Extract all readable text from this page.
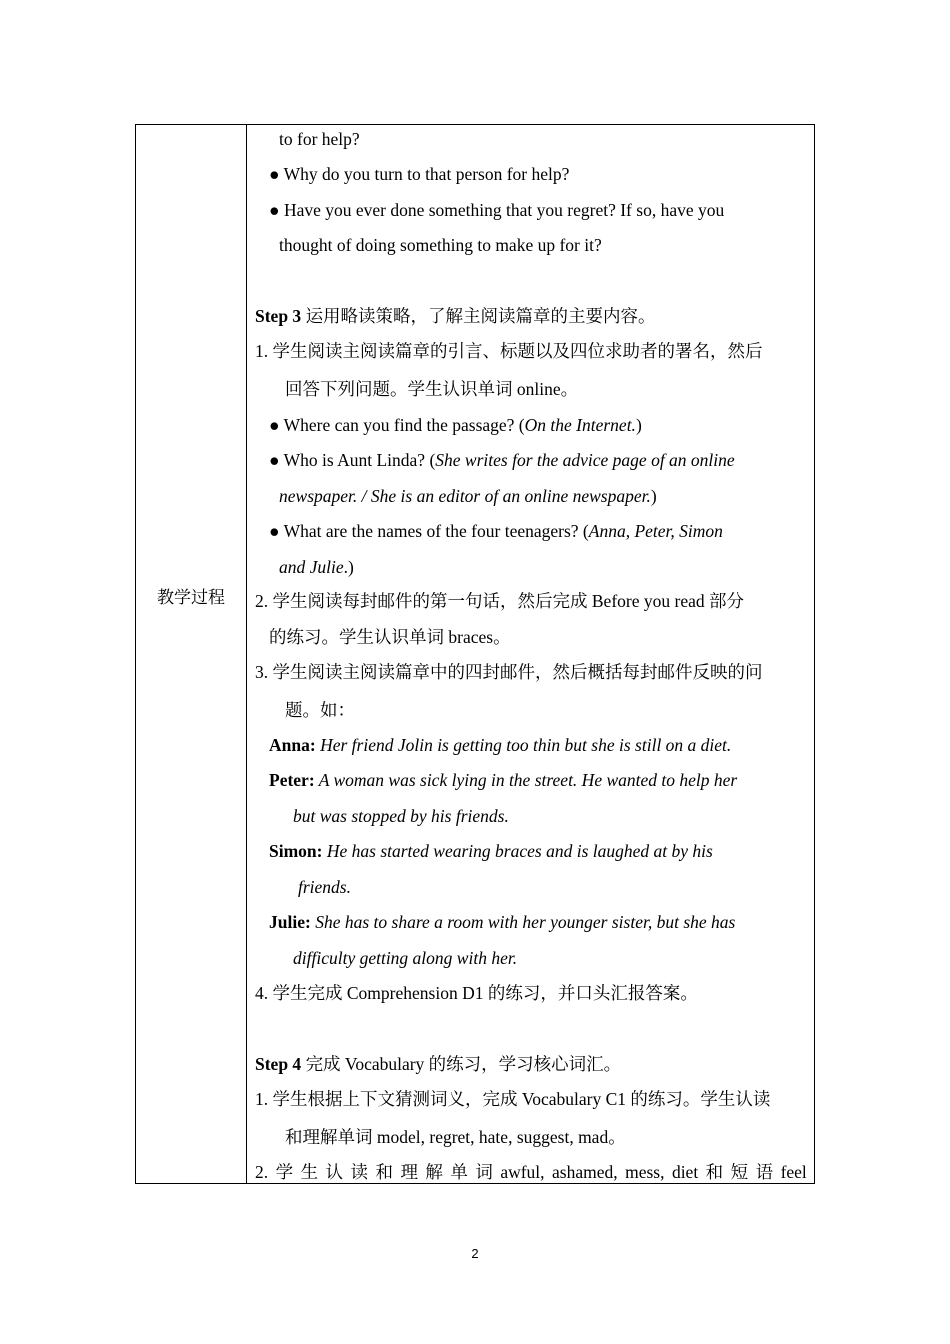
教学过程
to for help?
● Why do you turn to that person for help?
● Have you ever done something that you regret? If so, have you
thought of doing something to make up for it?
Step 3 运用略读策略，了解主阅读篇章的主要内容。
1. 学生阅读主阅读篇章的引言、标题以及四位求助者的署名，然后
回答下列问题。学生认识单词 online。
● Where can you find the passage? (On the Internet.)
● Who is Aunt Linda? (She writes for the advice page of an online
newspaper. / She is an editor of an online newspaper.)
● What are the names of the four teenagers? (Anna, Peter, Simon
and Julie.)
2. 学生阅读每封邮件的第一句话，然后完成 Before you read 部分
的练习。学生认识单词 braces。
3. 学生阅读主阅读篇章中的四封邮件，然后概括每封邮件反映的问
题。如：
Anna: Her friend Jolin is getting too thin but she is still on a diet.
Peter: A woman was sick lying in the street. He wanted to help her
but was stopped by his friends.
Simon: He has started wearing braces and is laughed at by his
friends.
Julie: She has to share a room with her younger sister, but she has
difficulty getting along with her.
4. 学生完成 Comprehension D1 的练习，并口头汇报答案。
Step 4 完成 Vocabulary 的练习，学习核心词汇。
1. 学生根据上下文猜测词义，完成 Vocabulary C1 的练习。学生认读
和理解单词 model, regret, hate, suggest, mad。
2. 学 生 认 读 和 理 解 单 词 awful, ashamed, mess, diet 和 短 语 feel
2
